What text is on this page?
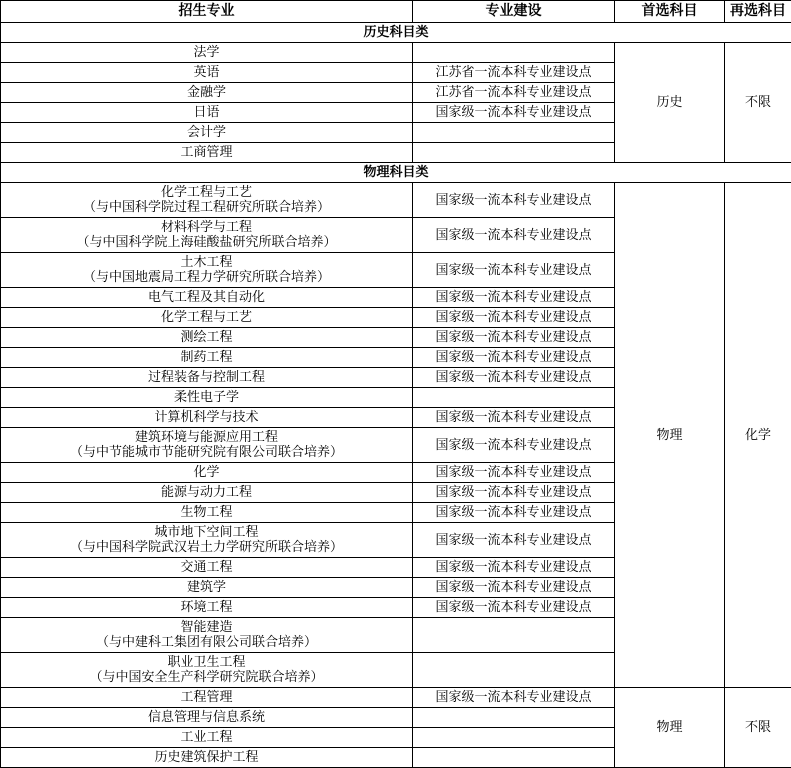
招生专业	专业建设	首选科目	再选科目
历史科目类			

法学		历史	不限

英语	江苏省一流本科专业建设点		

金融学	江苏省一流本科专业建设点		

日语	国家级一流本科专业建设点		

会计学			

工商管理			

物理科目类			

化学工程与工艺
（与中国科学院过程工程研究所联合培养）	国家级一流本科专业建设点	物理	化学

材料科学与工程
（与中国科学院上海硅酸盐研究所联合培养）	国家级一流本科专业建设点		

土木工程
（与中国地震局工程力学研究所联合培养）	国家级一流本科专业建设点		

电气工程及其自动化	国家级一流本科专业建设点		

化学工程与工艺	国家级一流本科专业建设点		

测绘工程	国家级一流本科专业建设点		

制药工程	国家级一流本科专业建设点		

过程装备与控制工程	国家级一流本科专业建设点		

柔性电子学			

计算机科学与技术	国家级一流本科专业建设点		

建筑环境与能源应用工程
（与中节能城市节能研究院有限公司联合培养）	国家级一流本科专业建设点		

化学	国家级一流本科专业建设点		

能源与动力工程	国家级一流本科专业建设点		

生物工程	国家级一流本科专业建设点		

城市地下空间工程
（与中国科学院武汉岩土力学研究所联合培养）	国家级一流本科专业建设点		

交通工程	国家级一流本科专业建设点		

建筑学	国家级一流本科专业建设点		

环境工程	国家级一流本科专业建设点		

智能建造
（与中建科工集团有限公司联合培养）			

职业卫生工程
（与中国安全生产科学研究院联合培养）			

工程管理	国家级一流本科专业建设点	物理	不限

信息管理与信息系统			

工业工程			

历史建筑保护工程			
